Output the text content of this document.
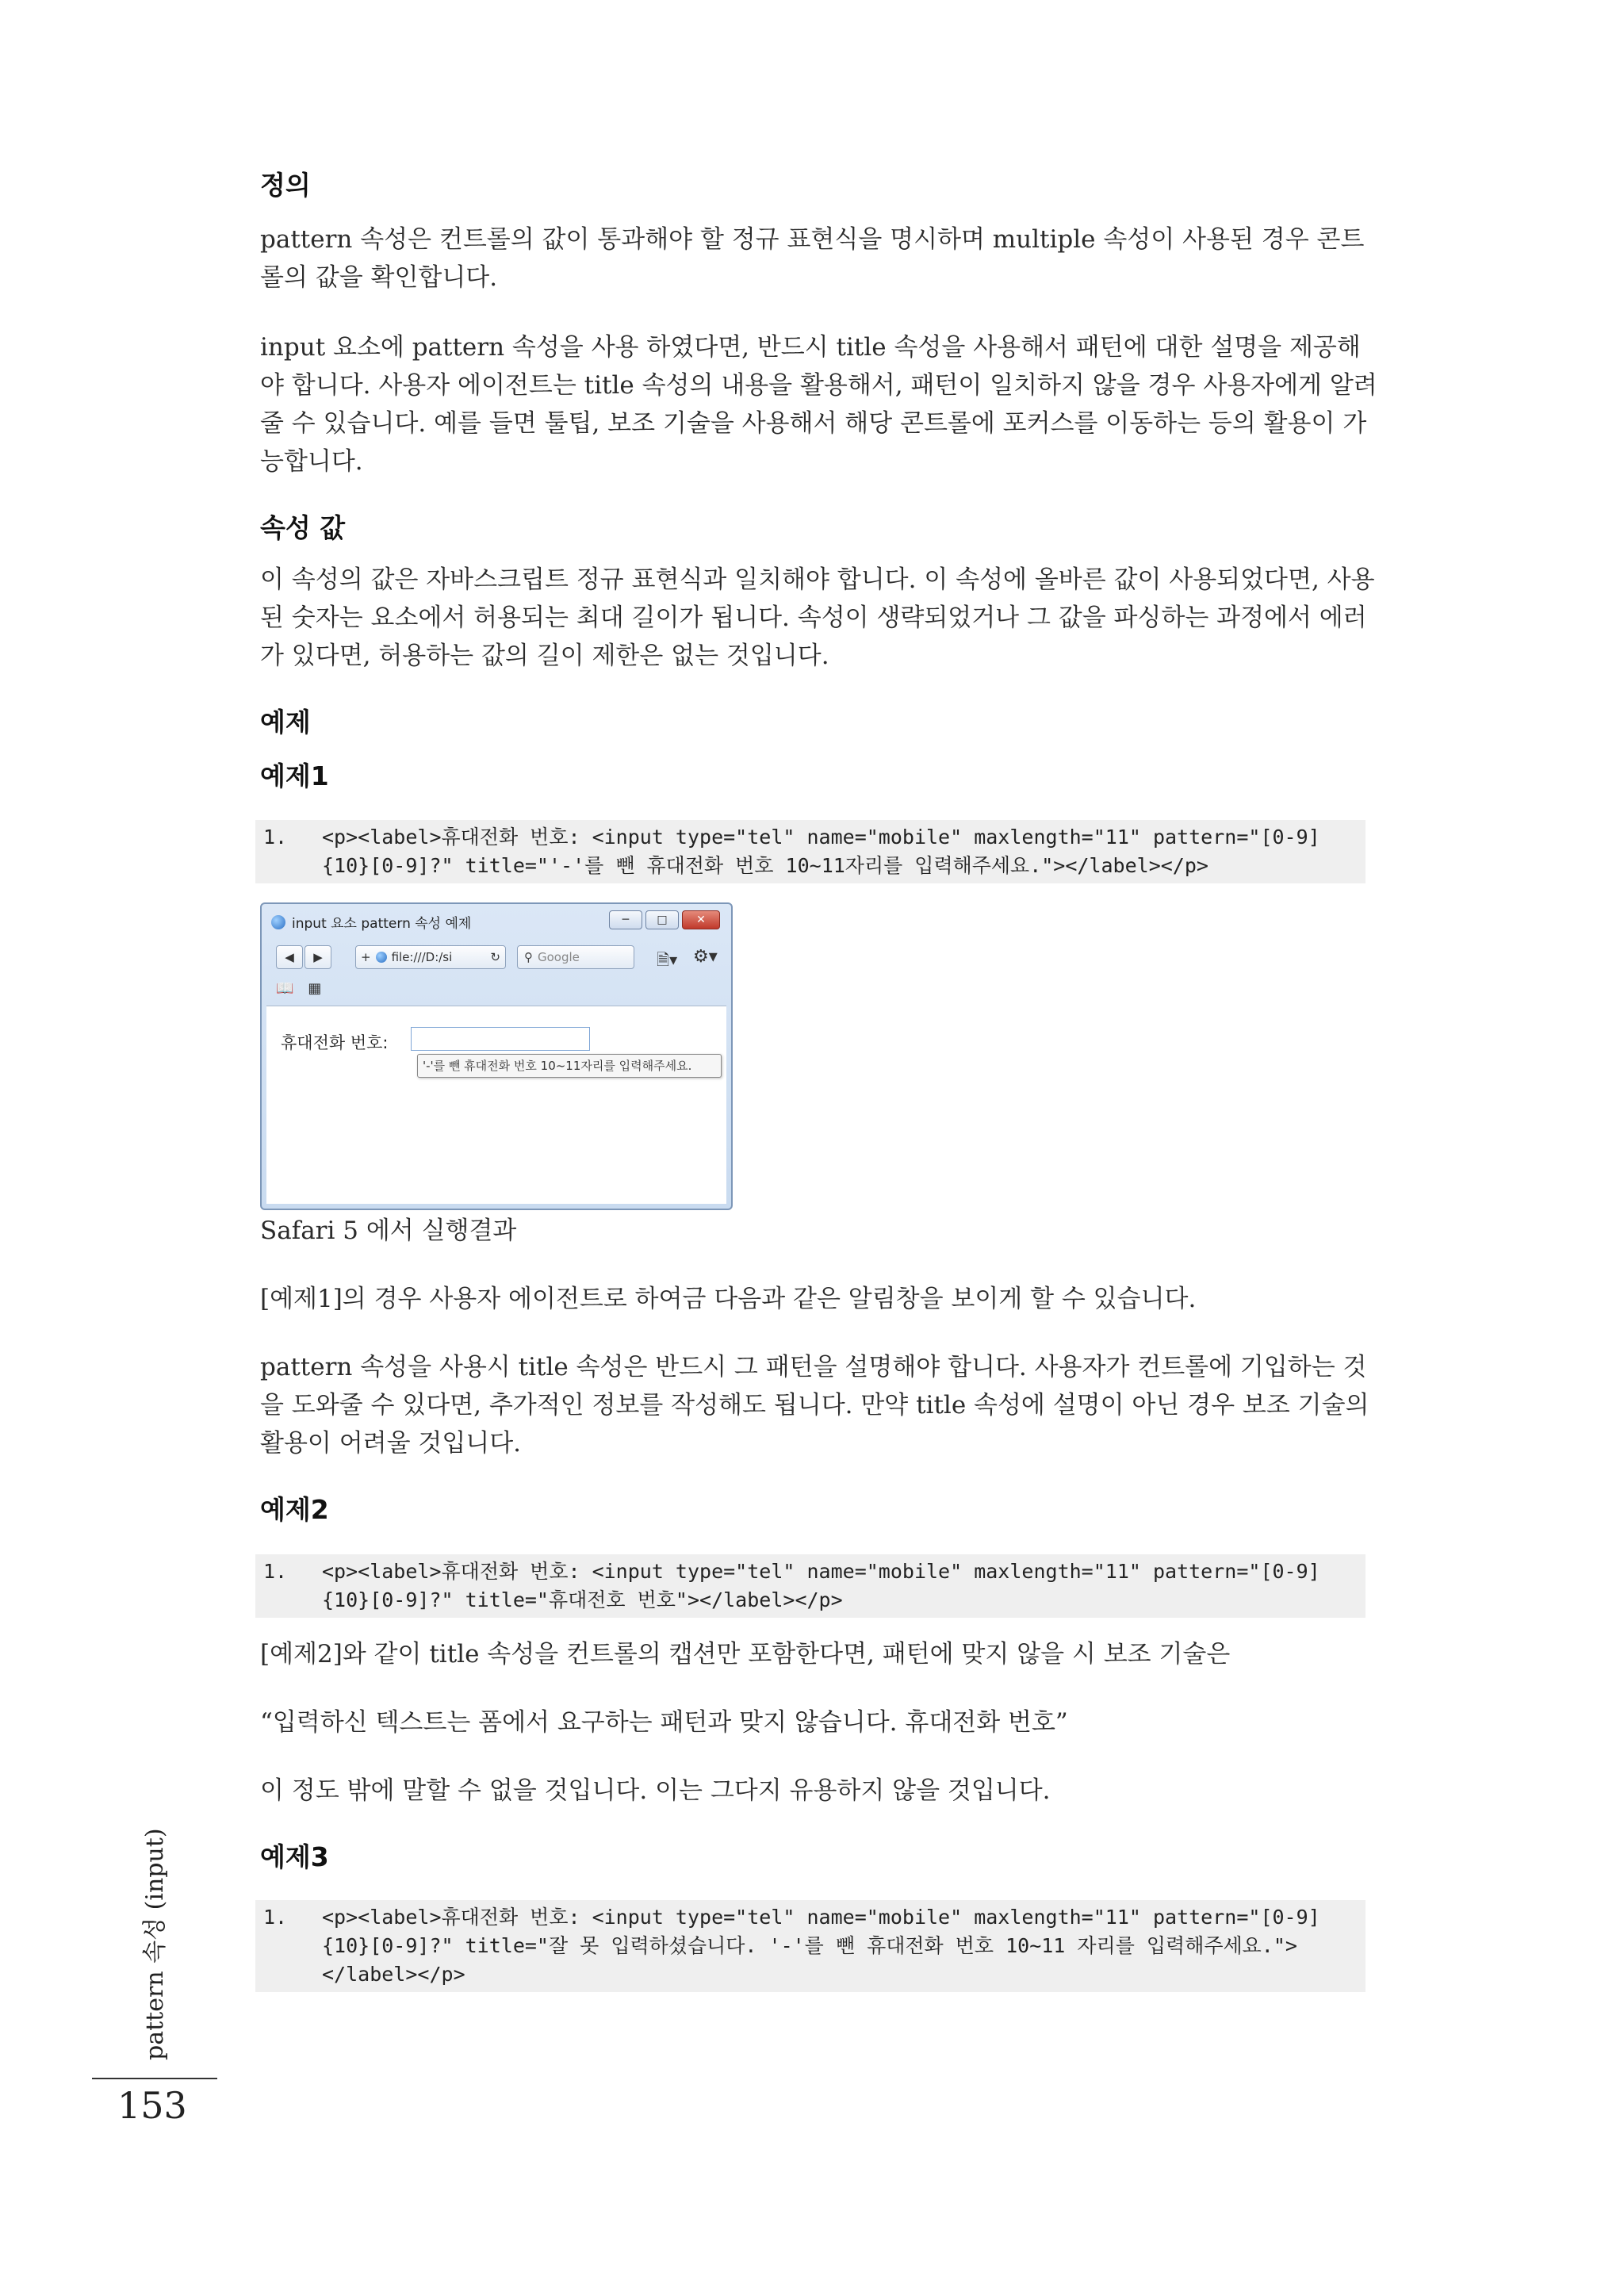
정의

pattern 속성은 컨트롤의 값이 통과해야 할 정규 표현식을 명시하며 multiple 속성이 사용된 경우 콘트롤의 값을 확인합니다.

input 요소에 pattern 속성을 사용 하였다면, 반드시 title 속성을 사용해서 패턴에 대한 설명을 제공해야 합니다. 사용자 에이전트는 title 속성의 내용을 활용해서, 패턴이 일치하지 않을 경우 사용자에게 알려줄 수 있습니다. 예를 들면 툴팁, 보조 기술을 사용해서 해당 콘트롤에 포커스를 이동하는 등의 활용이 가능합니다.

속성 값

이 속성의 값은 자바스크립트 정규 표현식과 일치해야 합니다. 이 속성에 올바른 값이 사용되었다면, 사용된 숫자는 요소에서 허용되는 최대 길이가 됩니다. 속성이 생략되었거나 그 값을 파싱하는 과정에서 에러가 있다면, 허용하는 값의 길이 제한은 없는 것입니다.

예제
예제1
1. <p><label>휴대전화 번호: <input type="tel" name="mobile" maxlength="11" pattern="[0-9]{10}[0-9]?" title="'-'를 뺀 휴대전화 번호 10~11자리를 입력해주세요."></label></p>
input 요소 pattern 속성 예제	─	□	✕
◀	▶	+ file:///D:/si	↻ ⚲ Google	🗎▾ ⚙▾
📖 ▦
휴대전화 번호:
'-'를 뺀 휴대전화 번호 10~11자리를 입력해주세요.

Safari 5 에서 실행결과

[예제1]의 경우 사용자 에이전트로 하여금 다음과 같은 알림창을 보이게 할 수 있습니다.

pattern 속성을 사용시 title 속성은 반드시 그 패턴을 설명해야 합니다. 사용자가 컨트롤에 기입하는 것을 도와줄 수 있다면, 추가적인 정보를 작성해도 됩니다. 만약 title 속성에 설명이 아닌 경우 보조 기술의 활용이 어려울 것입니다.

예제2
1. <p><label>휴대전화 번호: <input type="tel" name="mobile" maxlength="11" pattern="[0-9]{10}[0-9]?" title="휴대전호 번호"></label></p>

[예제2]와 같이 title 속성을 컨트롤의 캡션만 포함한다면, 패턴에 맞지 않을 시 보조 기술은

“입력하신 텍스트는 폼에서 요구하는 패턴과 맞지 않습니다. 휴대전화 번호”

이 정도 밖에 말할 수 없을 것입니다. 이는 그다지 유용하지 않을 것입니다.

예제3
1. <p><label>휴대전화 번호: <input type="tel" name="mobile" maxlength="11" pattern="[0-9]{10}[0-9]?" title="잘 못 입력하셨습니다. '-'를 뺀 휴대전화 번호 10~11 자리를 입력해주세요."></label></p>
pattern 속성 (input)
153
